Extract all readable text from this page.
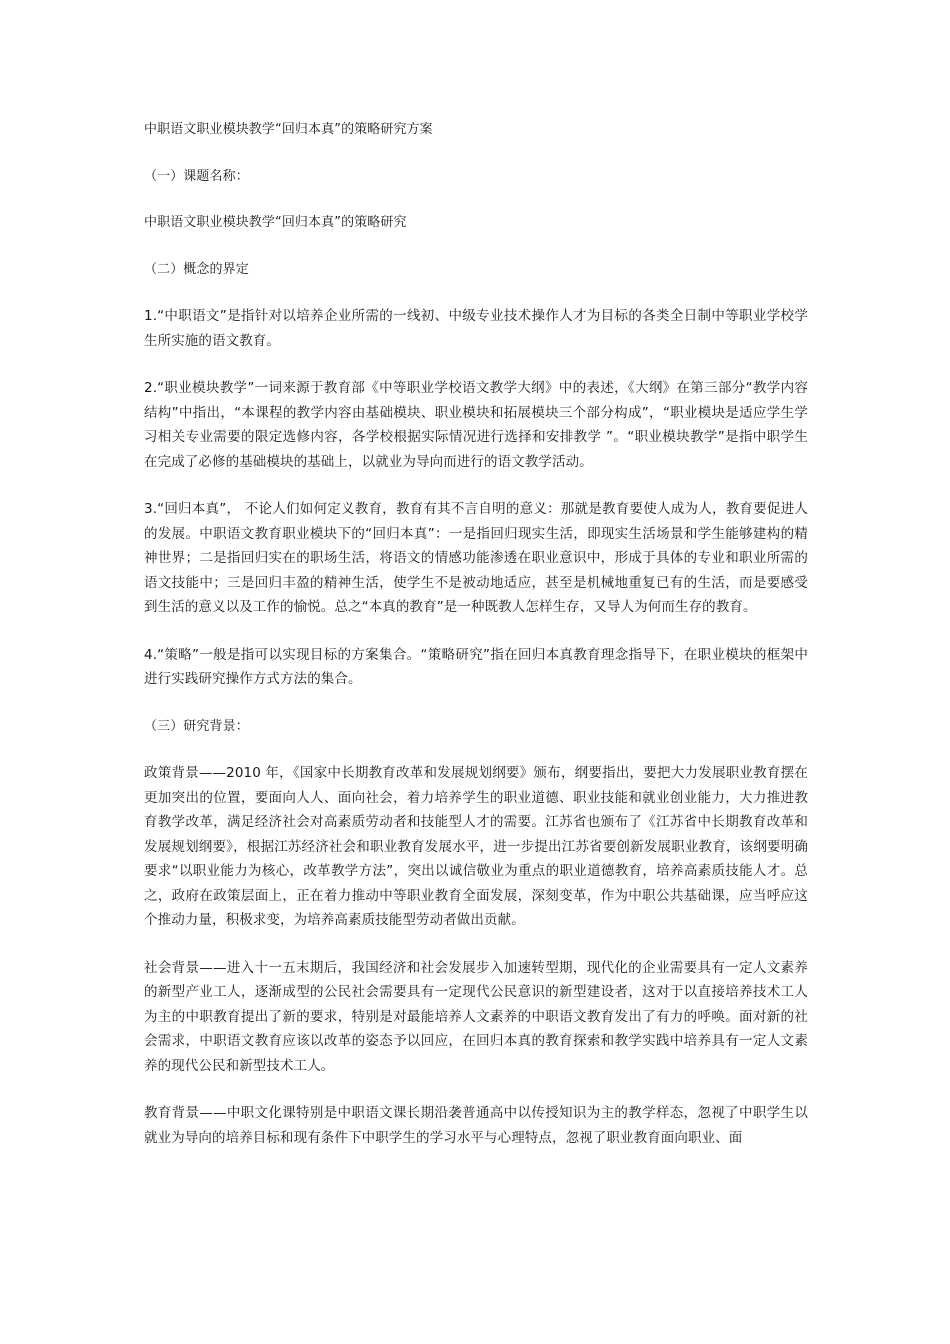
中职语文职业模块教学“回归本真”的策略研究方案

（一）课题名称：

中职语文职业模块教学“回归本真”的策略研究

（二）概念的界定

1.“中职语文”是指针对以培养企业所需的一线初、中级专业技术操作人才为目标的各类全日制中等职业学校学生所实施的语文教育。

2.“职业模块教学”一词来源于教育部《中等职业学校语文教学大纲》中的表述，《大纲》在第三部分“教学内容结构”中指出，“本课程的教学内容由基础模块、职业模块和拓展模块三个部分构成”，“职业模块是适应学生学习相关专业需要的限定选修内容，各学校根据实际情况进行选择和安排教学 ”。“职业模块教学”是指中职学生在完成了必修的基础模块的基础上，以就业为导向而进行的语文教学活动。

3.“回归本真”， 不论人们如何定义教育，教育有其不言自明的意义：那就是教育要使人成为人，教育要促进人的发展。中职语文教育职业模块下的“回归本真”：一是指回归现实生活，即现实生活场景和学生能够建构的精神世界；二是指回归实在的职场生活，将语文的情感功能渗透在职业意识中，形成于具体的专业和职业所需的语文技能中；三是回归丰盈的精神生活，使学生不是被动地适应，甚至是机械地重复已有的生活，而是要感受到生活的意义以及工作的愉悦。总之“本真的教育”是一种既教人怎样生存，又导人为何而生存的教育。

4.“策略”一般是指可以实现目标的方案集合。“策略研究”指在回归本真教育理念指导下，在职业模块的框架中进行实践研究操作方式方法的集合。

（三）研究背景：

政策背景——2010 年，《国家中长期教育改革和发展规划纲要》颁布，纲要指出，要把大力发展职业教育摆在更加突出的位置，要面向人人、面向社会，着力培养学生的职业道德、职业技能和就业创业能力，大力推进教育教学改革，满足经济社会对高素质劳动者和技能型人才的需要。江苏省也颁布了《江苏省中长期教育改革和发展规划纲要》，根据江苏经济社会和职业教育发展水平，进一步提出江苏省要创新发展职业教育，该纲要明确要求“以职业能力为核心，改革教学方法”，突出以诚信敬业为重点的职业道德教育，培养高素质技能人才。总之，政府在政策层面上，正在着力推动中等职业教育全面发展，深刻变革，作为中职公共基础课，应当呼应这个推动力量，积极求变，为培养高素质技能型劳动者做出贡献。

社会背景——进入十一五末期后，我国经济和社会发展步入加速转型期，现代化的企业需要具有一定人文素养的新型产业工人，逐渐成型的公民社会需要具有一定现代公民意识的新型建设者，这对于以直接培养技术工人为主的中职教育提出了新的要求，特别是对最能培养人文素养的中职语文教育发出了有力的呼唤。面对新的社会需求，中职语文教育应该以改革的姿态予以回应，在回归本真的教育探索和教学实践中培养具有一定人文素养的现代公民和新型技术工人。

教育背景——中职文化课特别是中职语文课长期沿袭普通高中以传授知识为主的教学样态，忽视了中职学生以就业为导向的培养目标和现有条件下中职学生的学习水平与心理特点，忽视了职业教育面向职业、面
